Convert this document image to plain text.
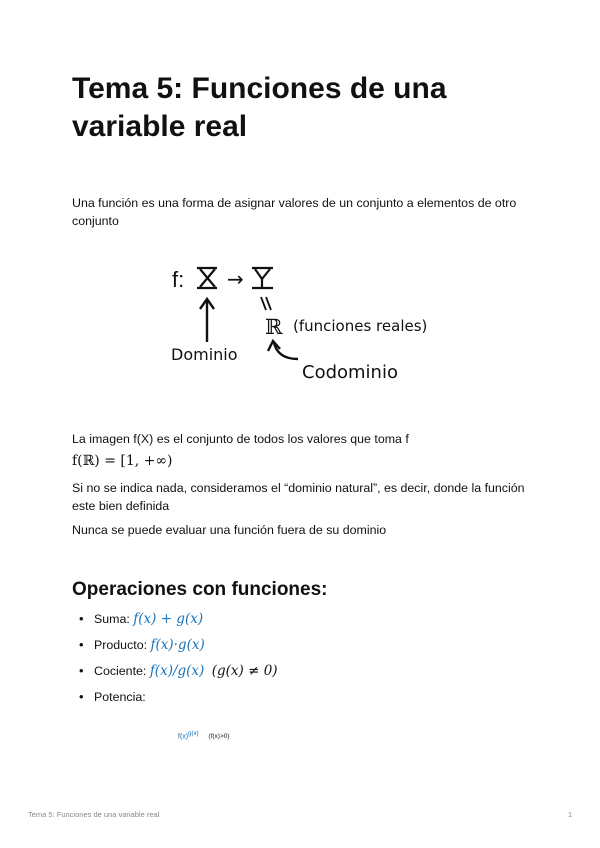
Tema 5: Funciones de una variable real

Una función es una forma de asignar valores de un conjunto a elementos de otro conjunto

f: →
ℝ (funciones reales)
Dominio
Codominio

La imagen f(X) es el conjunto de todos los valores que toma f

f(ℝ) = [1, +∞)

Si no se indica nada, consideramos el “dominio natural”, es decir, donde la función este bien definida

Nunca se puede evaluar una función fuera de su dominio

Operaciones con funciones:
• Suma: f(x) + g(x)
• Producto: f(x)·g(x)
• Cociente: f(x)/g(x) (g(x) ≠ 0)
• Potencia:
$f(x)^{g(x)}$ (f(x)>0)
Tema 5: Funciones de una variable real	1
